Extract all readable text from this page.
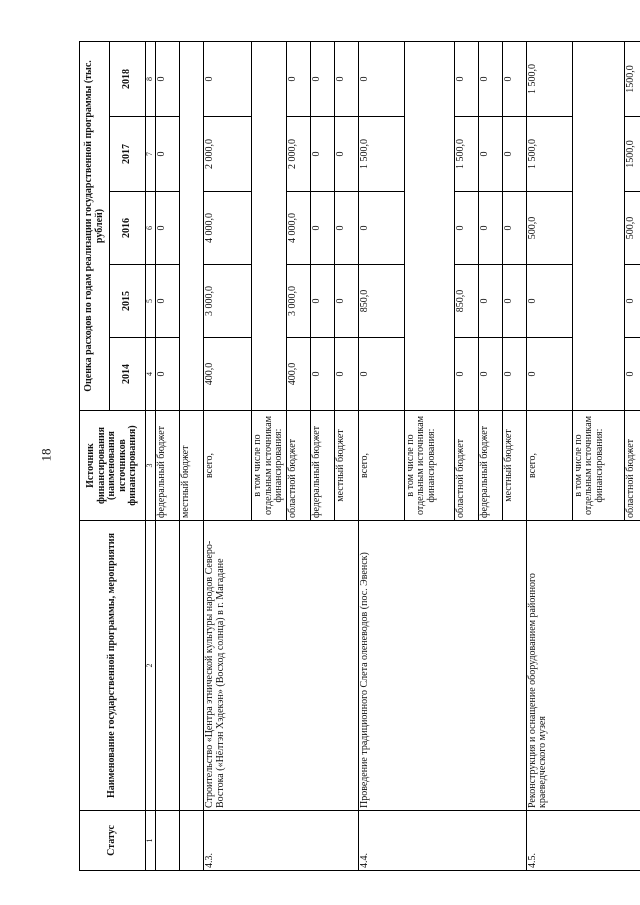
18
Статус	Наименование государственной программы, мероприятия	Источник финансирования (наименования источников финансирования)	Оценка расходов по годам реализации государственной программы (тыс. рублей)				
			2014	2015	2016	2017	2018
1	2	3	4	5	6	7	8
		федеральный бюджет	0	0	0	0	0
		местный бюджет					
4.3.	Строительство «Центра этнической культуры народов Северо-Востока («Нёлтэн Хэдекэн» (Восход солнца) в г. Магадане	всего,	400,0	3 000,0	4 000,0	2 000,0	0
		в том числе по отдельным источникам финансирования:					
		областной бюджет	400,0	3 000,0	4 000,0	2 000,0	0
		федеральный бюджет	0	0	0	0	0
		местный бюджет	0	0	0	0	0
4.4.	Проведение традиционного Слета оленеводов (пос. Эвенск)	всего,	0	850,0	0	1 500,0	0
		в том числе по отдельным источникам финансирования:					
		областной бюджет	0	850,0	0	1 500,0	0
		федеральный бюджет	0	0	0	0	0
		местный бюджет	0	0	0	0	0
4.5.	Реконструкция и оснащение оборудованием районного краеведческого музея	всего,	0	0	500,0	1 500,0	1 500,0
		в том числе по отдельным источникам финансирования:					
		областной бюджет	0	0	500,0	1500,0	1500,0
